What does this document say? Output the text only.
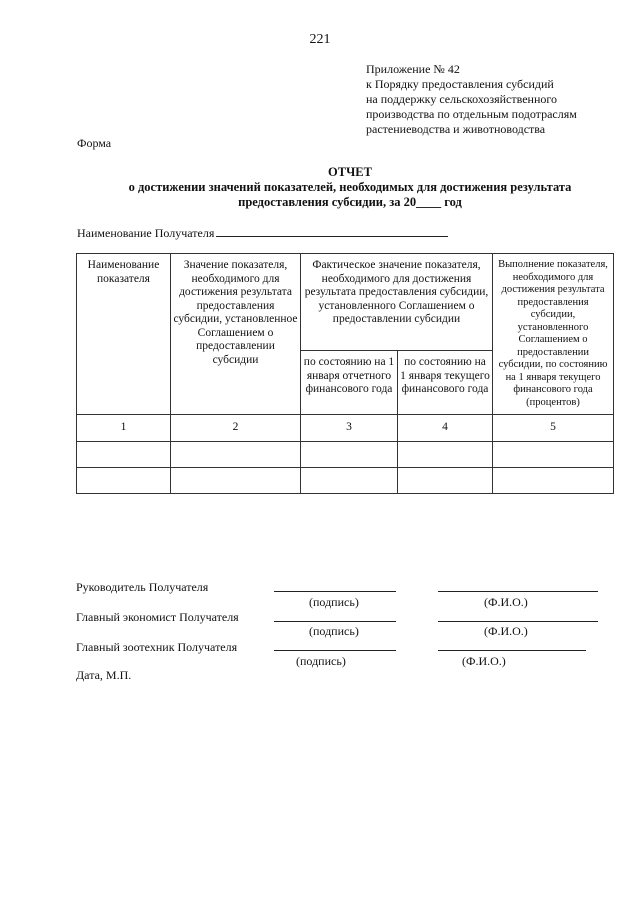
221
Приложение № 42
к Порядку предоставления субсидий
на поддержку сельскохозяйственного
производства по отдельным подотраслям
растениеводства и животноводства
Форма
ОТЧЕТ
о достижении значений показателей, необходимых для достижения результата
предоставления субсидии, за 20____ год
Наименование Получателя
Наименование показателя	Значение показателя, необходимого для достижения результата предоставления субсидии, установленное Соглашением о предоставлении субсидии	Фактическое значение показателя, необходимого для достижения результата предоставления субсидии, установленного Соглашением о предоставлении субсидии		Выполнение показателя, необходимого для достижения результата предоставления субсидии, установленного Соглашением о предоставлении субсидии, по состоянию на 1 января текущего финансового года (процентов)
		по состоянию на 1 января отчетного финансового года	по состоянию на 1 января текущего финансового года	
1	2	3	4	5

Руководитель Получателя
(подпись)	(Ф.И.О.)
Главный экономист Получателя
(подпись)	(Ф.И.О.)
Главный зоотехник Получателя
(подпись)	(Ф.И.О.)
Дата, М.П.
